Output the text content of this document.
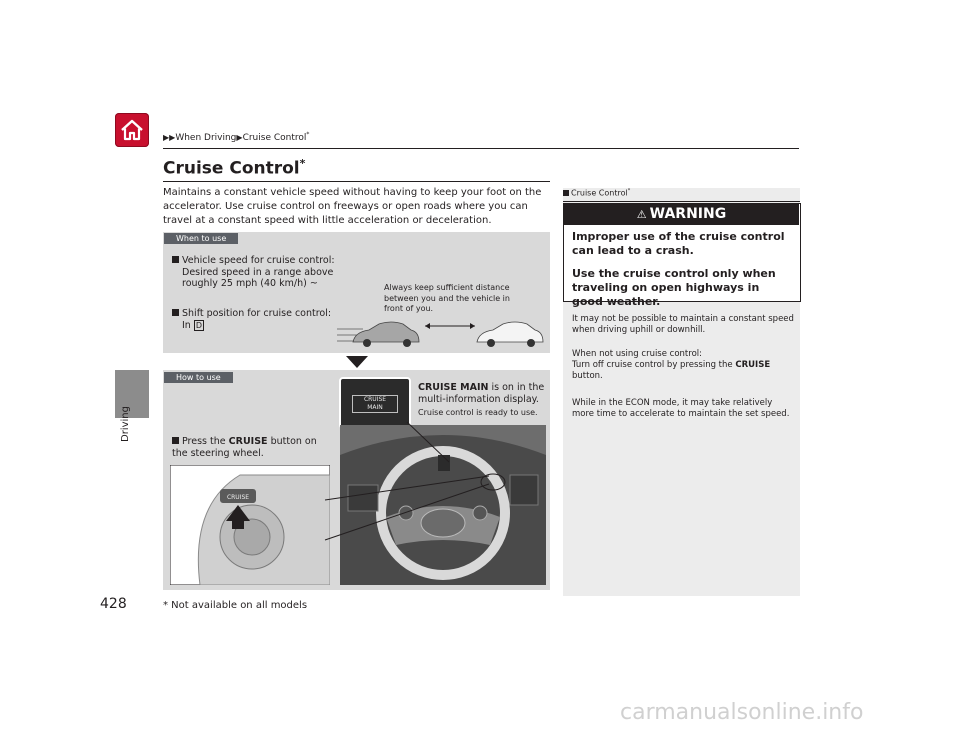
Driving
428
▶▶When Driving▶Cruise Control*
Cruise Control*
Maintains a constant vehicle speed without having to keep your foot on the accelerator. Use cruise control on freeways or open roads where you can travel at a constant speed with little acceleration or deceleration.
When to use
Vehicle speed for cruise control:
Desired speed in a range above roughly 25 mph (40 km/h) ~
Shift position for cruise control:
In D
Always keep sufficient distance between you and the vehicle in front of you.
How to use
Press the CRUISE button on the steering wheel.
CRUISE MAIN is on in the multi-information display.
Cruise control is ready to use.
CRUISE
MAIN
CRUISE
Cruise Control*
⚠ WARNING
Improper use of the cruise control can lead to a crash.
Use the cruise control only when traveling on open highways in good weather.
It may not be possible to maintain a constant speed when driving uphill or downhill.
When not using cruise control:
Turn off cruise control by pressing the CRUISE button.
While in the ECON mode, it may take relatively more time to accelerate to maintain the set speed.
* Not available on all models
carmanualsonline.info
